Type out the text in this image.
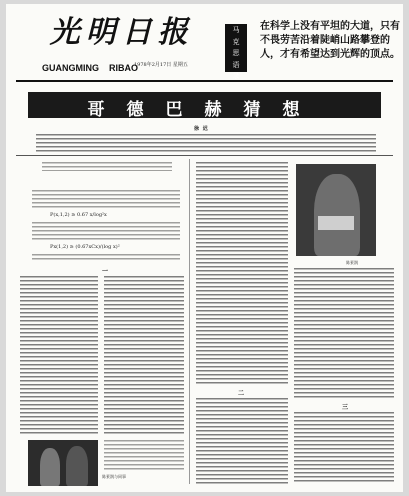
光明日报
GUANGMING RIBAO
1978年2月17日 星期五
马
克
思
语
录
在科学上没有平坦的大道，只有不畏劳苦沿着陡峭山路攀登的人，才有希望达到光辉的顶点。
哥德巴赫猜想
徐 迟
P(x,1,2) ≥ 0.67 x/log²x
Px(1,2) ≥ (0.67xCx)/(log x)²
一
陈景润与同事
二
陈景润
三
